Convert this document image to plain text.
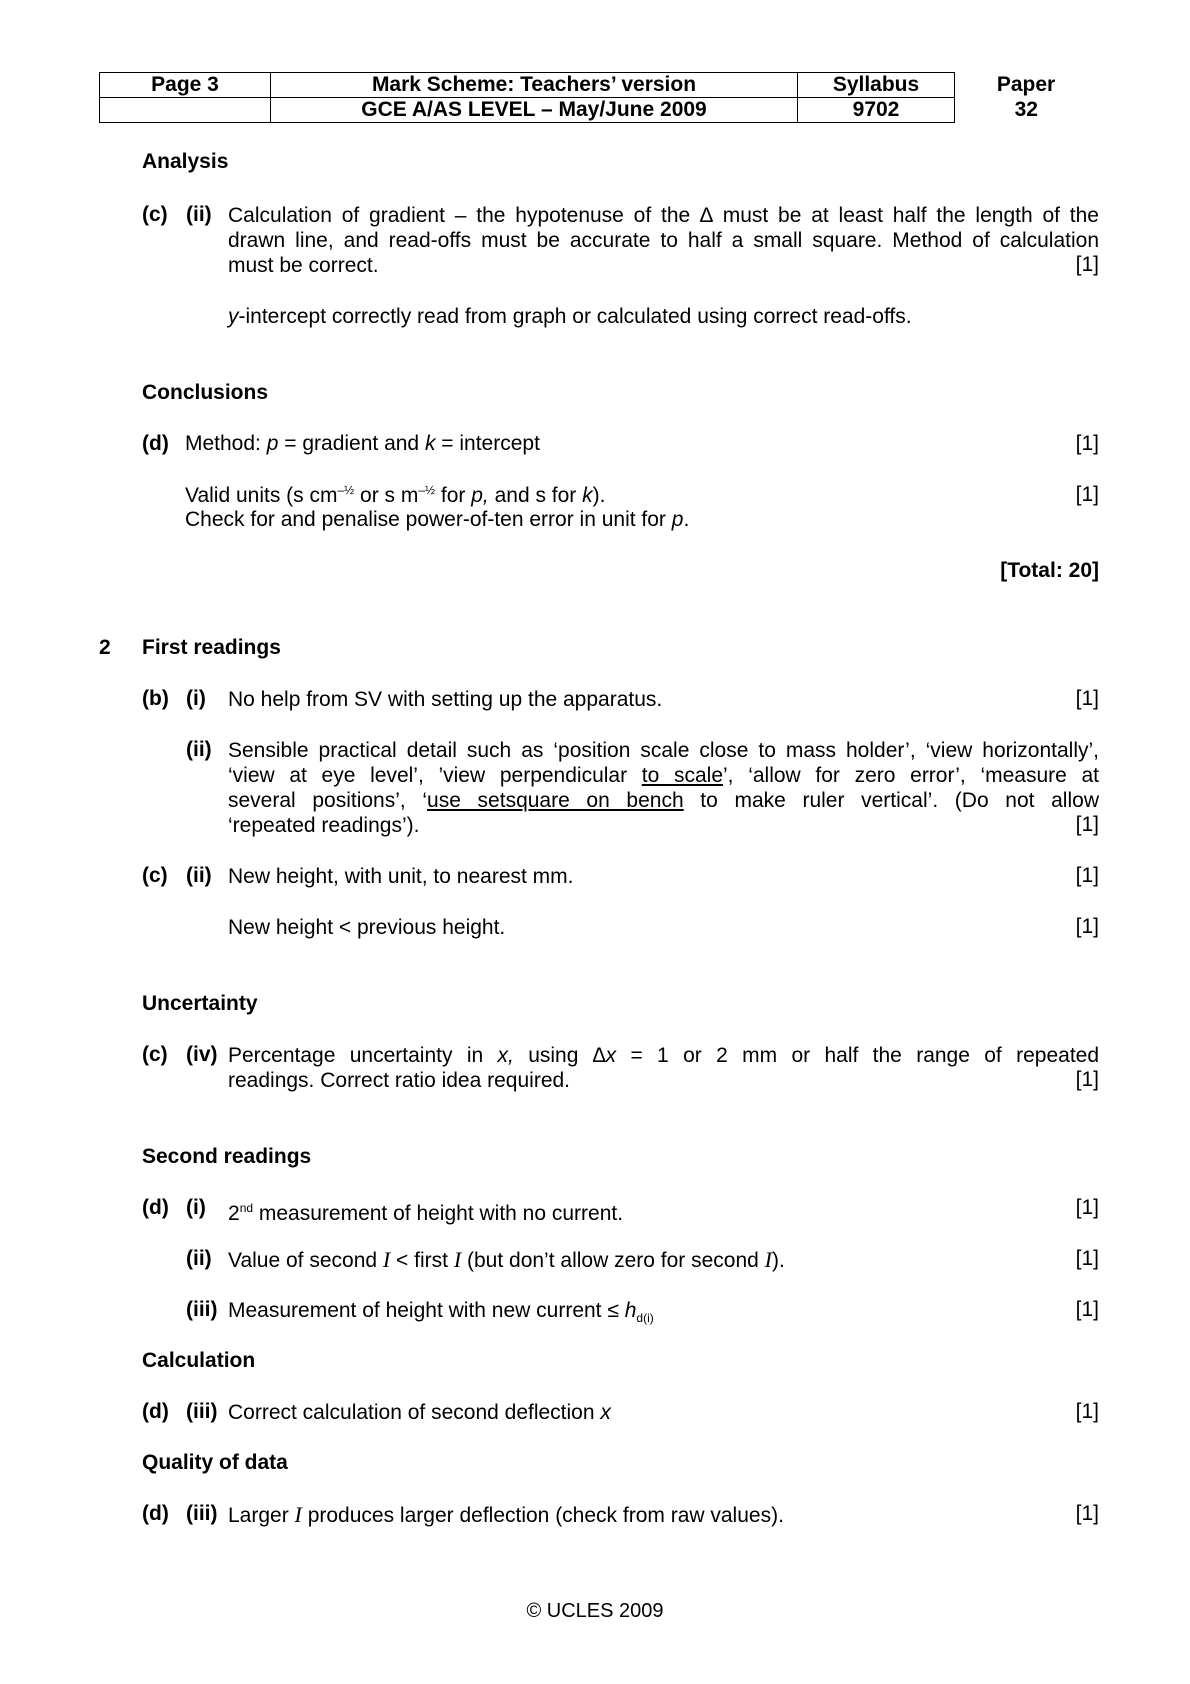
Page 3	Mark Scheme: Teachers’ version	Syllabus	Paper
	GCE A/AS LEVEL – May/June 2009	9702	32
Analysis
(c) (ii) Calculation of gradient – the hypotenuse of the ∆ must be at least half the length of the
drawn line, and read-offs must be accurate to half a small square. Method of calculation
must be correct.	[1]
y-intercept correctly read from graph or calculated using correct read-offs.
Conclusions
(d) Method: p = gradient and k = intercept	[1]
Valid units (s $cm^{-\frac{1}{2}}$ or s $m^{-\frac{1}{2}}$ for p, and s for k).	[1]
Check for and penalise power-of-ten error in unit for p.
[Total: 20]
2 First readings
(b) (i) No help from SV with setting up the apparatus.	[1]
(ii) Sensible practical detail such as ‘position scale close to mass holder’, ‘view horizontally’,
‘view at eye level’, ’view perpendicular to scale’, ‘allow for zero error’, ‘measure at
several positions’, ‘use setsquare on bench to make ruler vertical’. (Do not allow
‘repeated readings’).	[1]
(c) (ii) New height, with unit, to nearest mm.	[1]
New height < previous height.	[1]
Uncertainty
(c) (iv) Percentage uncertainty in x, using ∆x = 1 or 2 mm or half the range of repeated
readings. Correct ratio idea required.	[1]
Second readings
(d) (i) 2nd measurement of height with no current.	[1]
(ii) Value of second I < first I (but don’t allow zero for second I).	[1]
(iii) Measurement of height with new current ≤ $h_{d(i)}$	[1]
Calculation
(d) (iii) Correct calculation of second deflection x	[1]
Quality of data
(d) (iii) Larger I produces larger deflection (check from raw values).	[1]
© UCLES 2009
